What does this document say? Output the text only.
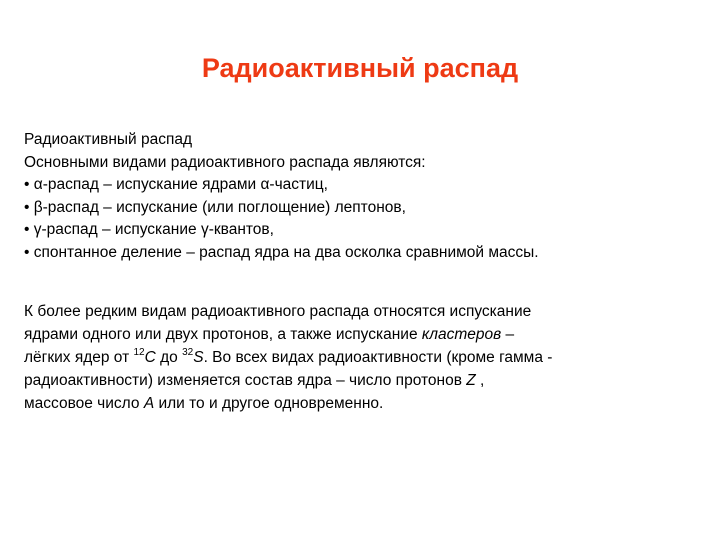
Радиоактивный распад
Радиоактивный распад
Основными видами радиоактивного распада являются:
• α-распад – испускание ядрами α-частиц,
• β-распад – испускание (или поглощение) лептонов,
• γ-распад – испускание γ-квантов,
• спонтанное деление – распад ядра на два осколка сравнимой массы.
К более редким видам радиоактивного распада относятся испускание
ядрами одного или двух протонов, а также испускание кластеров –
лёгких ядер от $^{12}$C до $^{32}$S. Во всех видах радиоактивности (кроме гамма -
радиоактивности) изменяется состав ядра – число протонов Z ,
массовое число A или то и другое одновременно.
